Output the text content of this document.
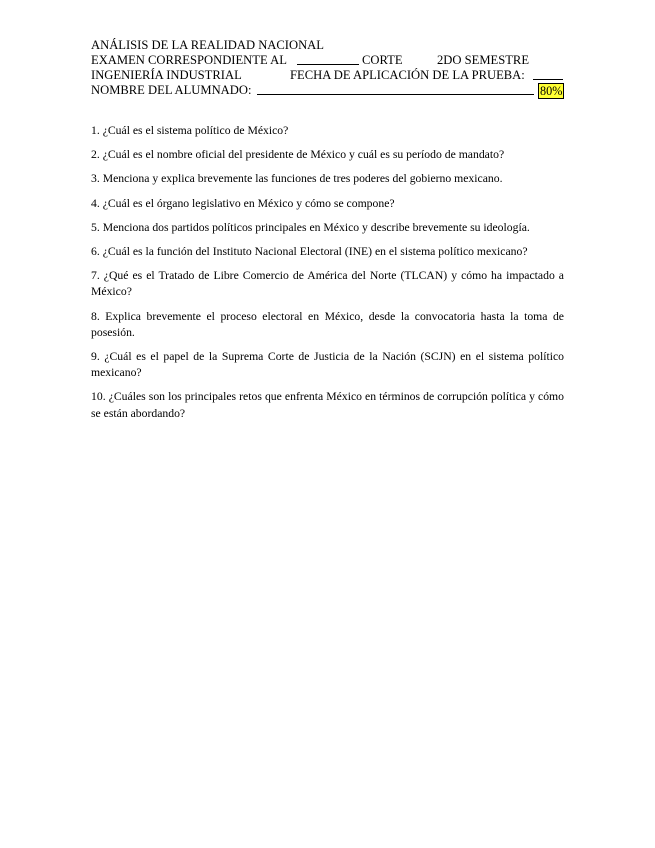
ANÁLISIS DE LA REALIDAD NACIONAL
EXAMEN CORRESPONDIENTE AL	CORTE	2DO SEMESTRE
INGENIERÍA INDUSTRIAL	FECHA DE APLICACIÓN DE LA PRUEBA:
NOMBRE DEL ALUMNADO:	80%

1. ¿Cuál es el sistema político de México?

2. ¿Cuál es el nombre oficial del presidente de México y cuál es su período de mandato?

3. Menciona y explica brevemente las funciones de tres poderes del gobierno mexicano.

4. ¿Cuál es el órgano legislativo en México y cómo se compone?

5. Menciona dos partidos políticos principales en México y describe brevemente su ideología.

6. ¿Cuál es la función del Instituto Nacional Electoral (INE) en el sistema político mexicano?

7. ¿Qué es el Tratado de Libre Comercio de América del Norte (TLCAN) y cómo ha impactado a México?

8. Explica brevemente el proceso electoral en México, desde la convocatoria hasta la toma de posesión.

9. ¿Cuál es el papel de la Suprema Corte de Justicia de la Nación (SCJN) en el sistema político mexicano?

10. ¿Cuáles son los principales retos que enfrenta México en términos de corrupción política y cómo se están abordando?
